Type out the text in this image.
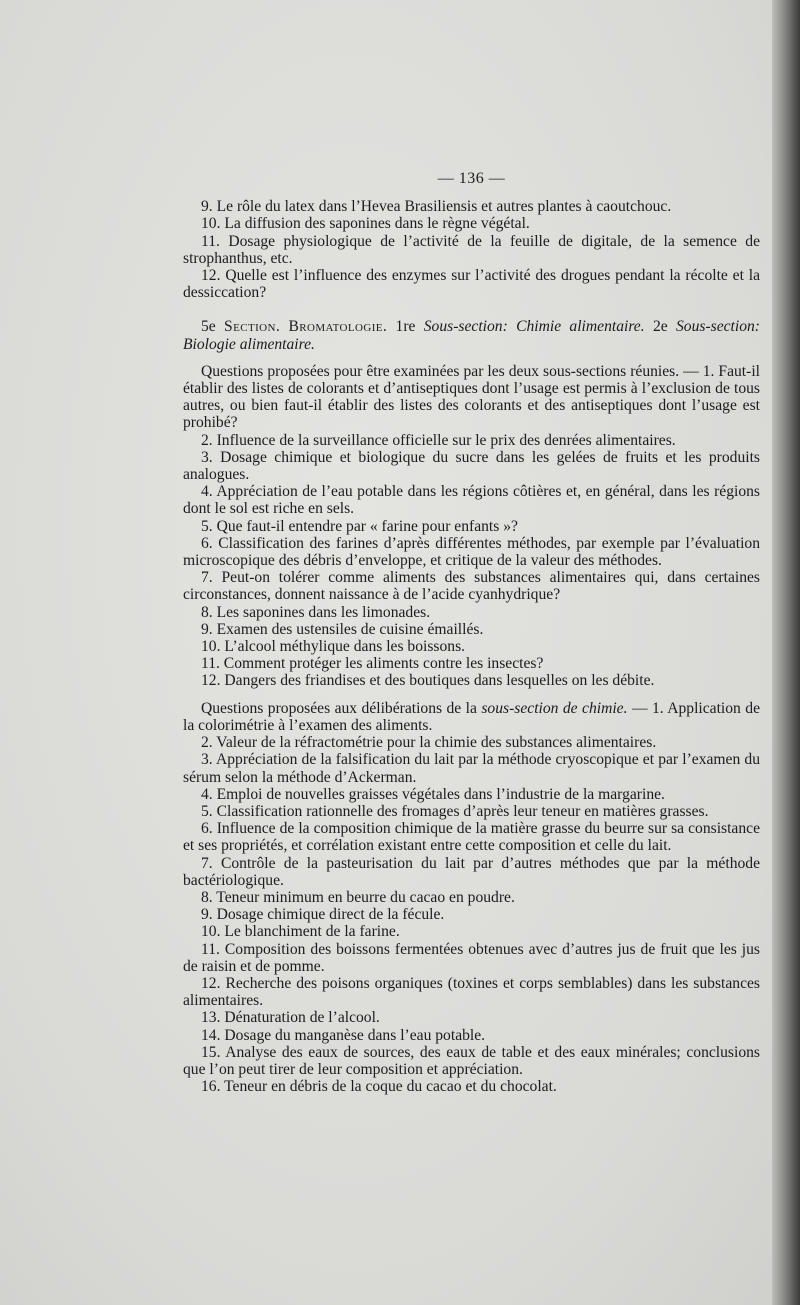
— 136 —

9. Le rôle du latex dans l’Hevea Brasiliensis et autres plantes à caoutchouc.

10. La diffusion des saponines dans le règne végétal.

11. Dosage physiologique de l’activité de la feuille de digitale, de la semence de strophanthus, etc.

12. Quelle est l’influence des enzymes sur l’activité des drogues pendant la récolte et la dessiccation?

5e Section. Bromatologie. 1re Sous-section: Chimie alimentaire. 2e Sous-section: Biologie alimentaire.

Questions proposées pour être examinées par les deux sous-sections réunies. — 1. Faut-il établir des listes de colorants et d’antiseptiques dont l’usage est permis à l’exclusion de tous autres, ou bien faut-il établir des listes des colorants et des antiseptiques dont l’usage est prohibé?

2. Influence de la surveillance officielle sur le prix des denrées alimentaires.

3. Dosage chimique et biologique du sucre dans les gelées de fruits et les produits analogues.

4. Appréciation de l’eau potable dans les régions côtières et, en général, dans les régions dont le sol est riche en sels.

5. Que faut-il entendre par « farine pour enfants »?

6. Classification des farines d’après différentes méthodes, par exemple par l’évaluation microscopique des débris d’enveloppe, et critique de la valeur des méthodes.

7. Peut-on tolérer comme aliments des substances alimentaires qui, dans certaines circonstances, donnent naissance à de l’acide cyanhydrique?

8. Les saponines dans les limonades.

9. Examen des ustensiles de cuisine émaillés.

10. L’alcool méthylique dans les boissons.

11. Comment protéger les aliments contre les insectes?

12. Dangers des friandises et des boutiques dans lesquelles on les débite.

Questions proposées aux délibérations de la sous-section de chimie. — 1. Application de la colorimétrie à l’examen des aliments.

2. Valeur de la réfractométrie pour la chimie des substances alimentaires.

3. Appréciation de la falsification du lait par la méthode cryoscopique et par l’examen du sérum selon la méthode d’Ackerman.

4. Emploi de nouvelles graisses végétales dans l’industrie de la margarine.

5. Classification rationnelle des fromages d’après leur teneur en matières grasses.

6. Influence de la composition chimique de la matière grasse du beurre sur sa consistance et ses propriétés, et corrélation existant entre cette composition et celle du lait.

7. Contrôle de la pasteurisation du lait par d’autres méthodes que par la méthode bactériologique.

8. Teneur minimum en beurre du cacao en poudre.

9. Dosage chimique direct de la fécule.

10. Le blanchiment de la farine.

11. Composition des boissons fermentées obtenues avec d’autres jus de fruit que les jus de raisin et de pomme.

12. Recherche des poisons organiques (toxines et corps semblables) dans les substances alimentaires.

13. Dénaturation de l’alcool.

14. Dosage du manganèse dans l’eau potable.

15. Analyse des eaux de sources, des eaux de table et des eaux minérales; conclusions que l’on peut tirer de leur composition et appréciation.

16. Teneur en débris de la coque du cacao et du chocolat.
